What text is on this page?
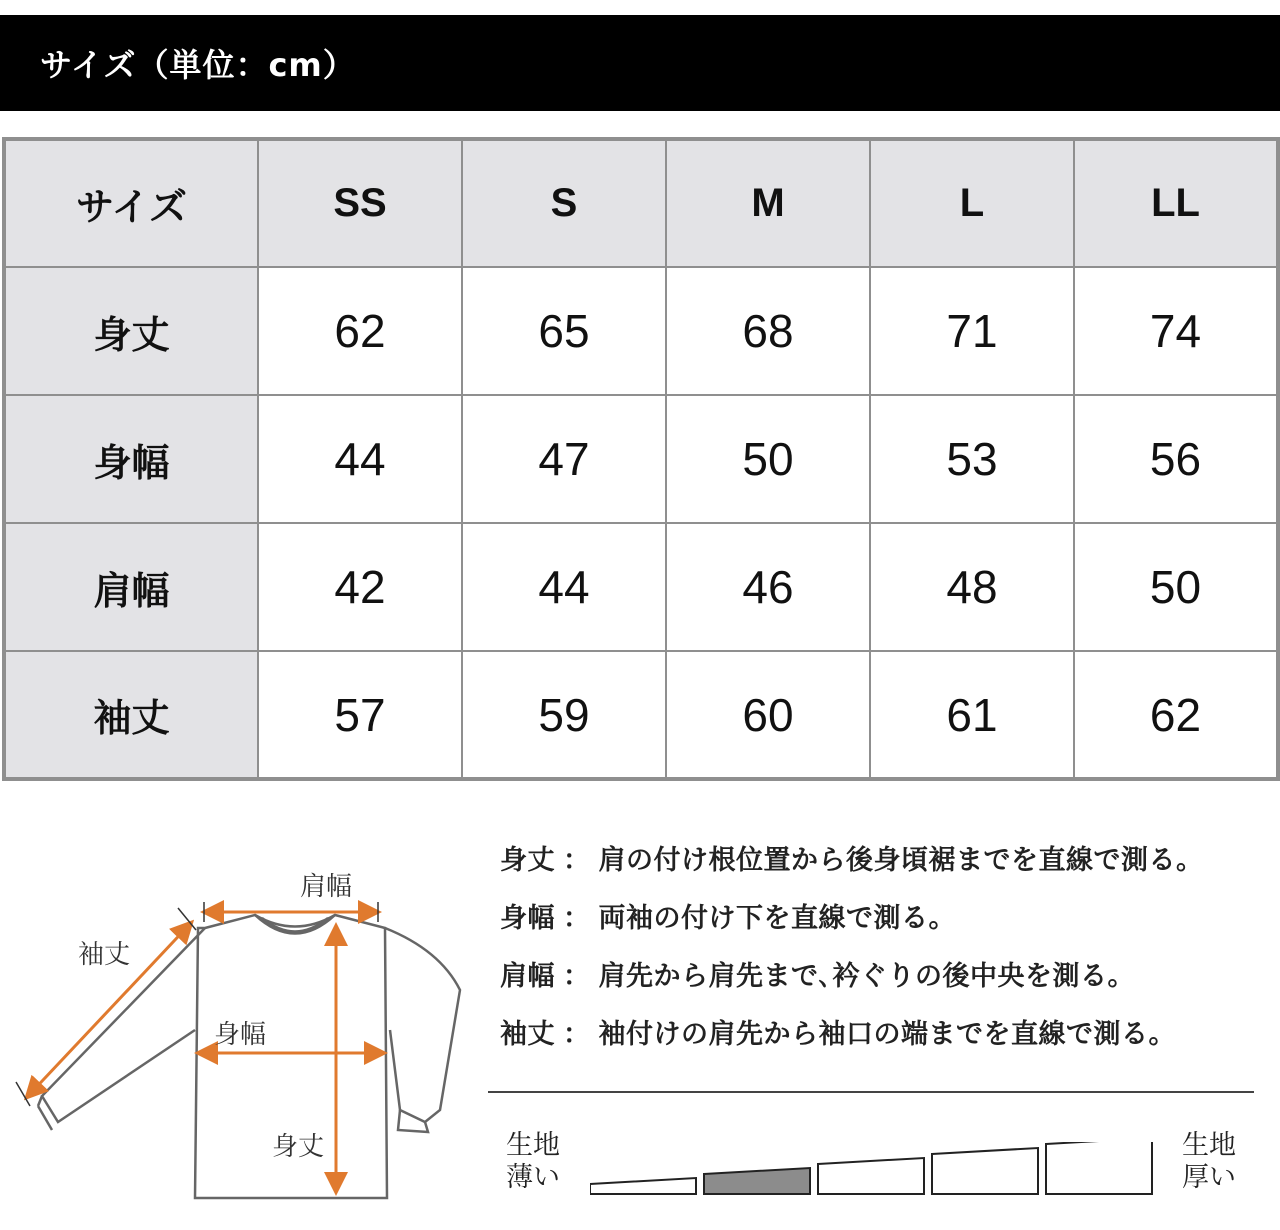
サイズ（単位：cm）
サイズ	SS	S	M	L	LL
身丈	62	65	68	71	74
身幅	44	47	50	53	56
肩幅	42	44	46	48	50
袖丈	57	59	60	61	62
肩幅
袖丈
身幅
身丈
身丈 ： 肩の付け根位置から後身頃裾までを直線で測る。
身幅 ： 両袖の付け下を直線で測る。
肩幅 ： 肩先から肩先まで､衿ぐりの後中央を測る。
袖丈 ： 袖付けの肩先から袖口の端までを直線で測る。
生地
薄い
生地
厚い
